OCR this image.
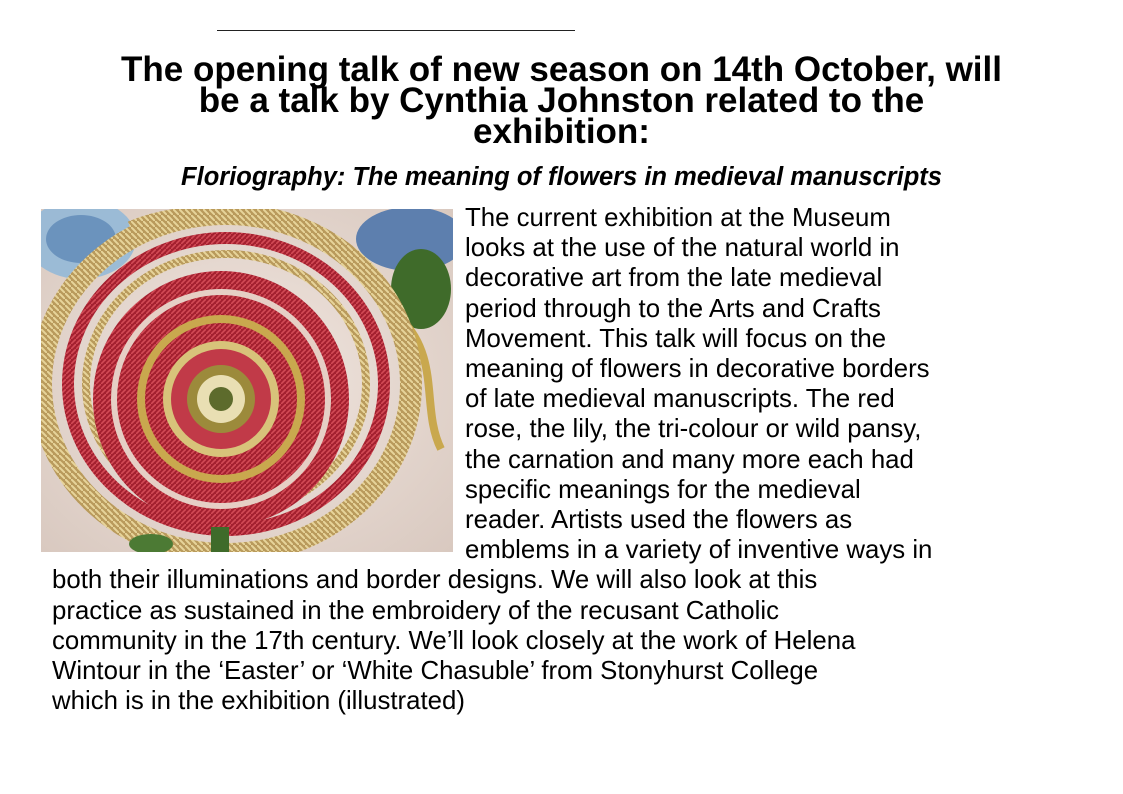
The opening talk of new season on 14th October, will
be a talk by Cynthia Johnston related to the
exhibition:
Floriography: The meaning of flowers in medieval manuscripts

The current exhibition at the Museum
looks at the use of the natural world in
decorative art from the late medieval
period through to the Arts and Crafts
Movement. This talk will focus on the
meaning of flowers in decorative borders
of late medieval manuscripts. The red
rose, the lily, the tri-colour or wild pansy,
the carnation and many more each had
specific meanings for the medieval
reader. Artists used the flowers as
emblems in a variety of inventive ways in
both their illuminations and border designs. We will also look at this
practice as sustained in the embroidery of the recusant Catholic
community in the 17th century. We’ll look closely at the work of Helena
Wintour in the ‘Easter’ or ‘White Chasuble’ from Stonyhurst College
which is in the exhibition (illustrated)
